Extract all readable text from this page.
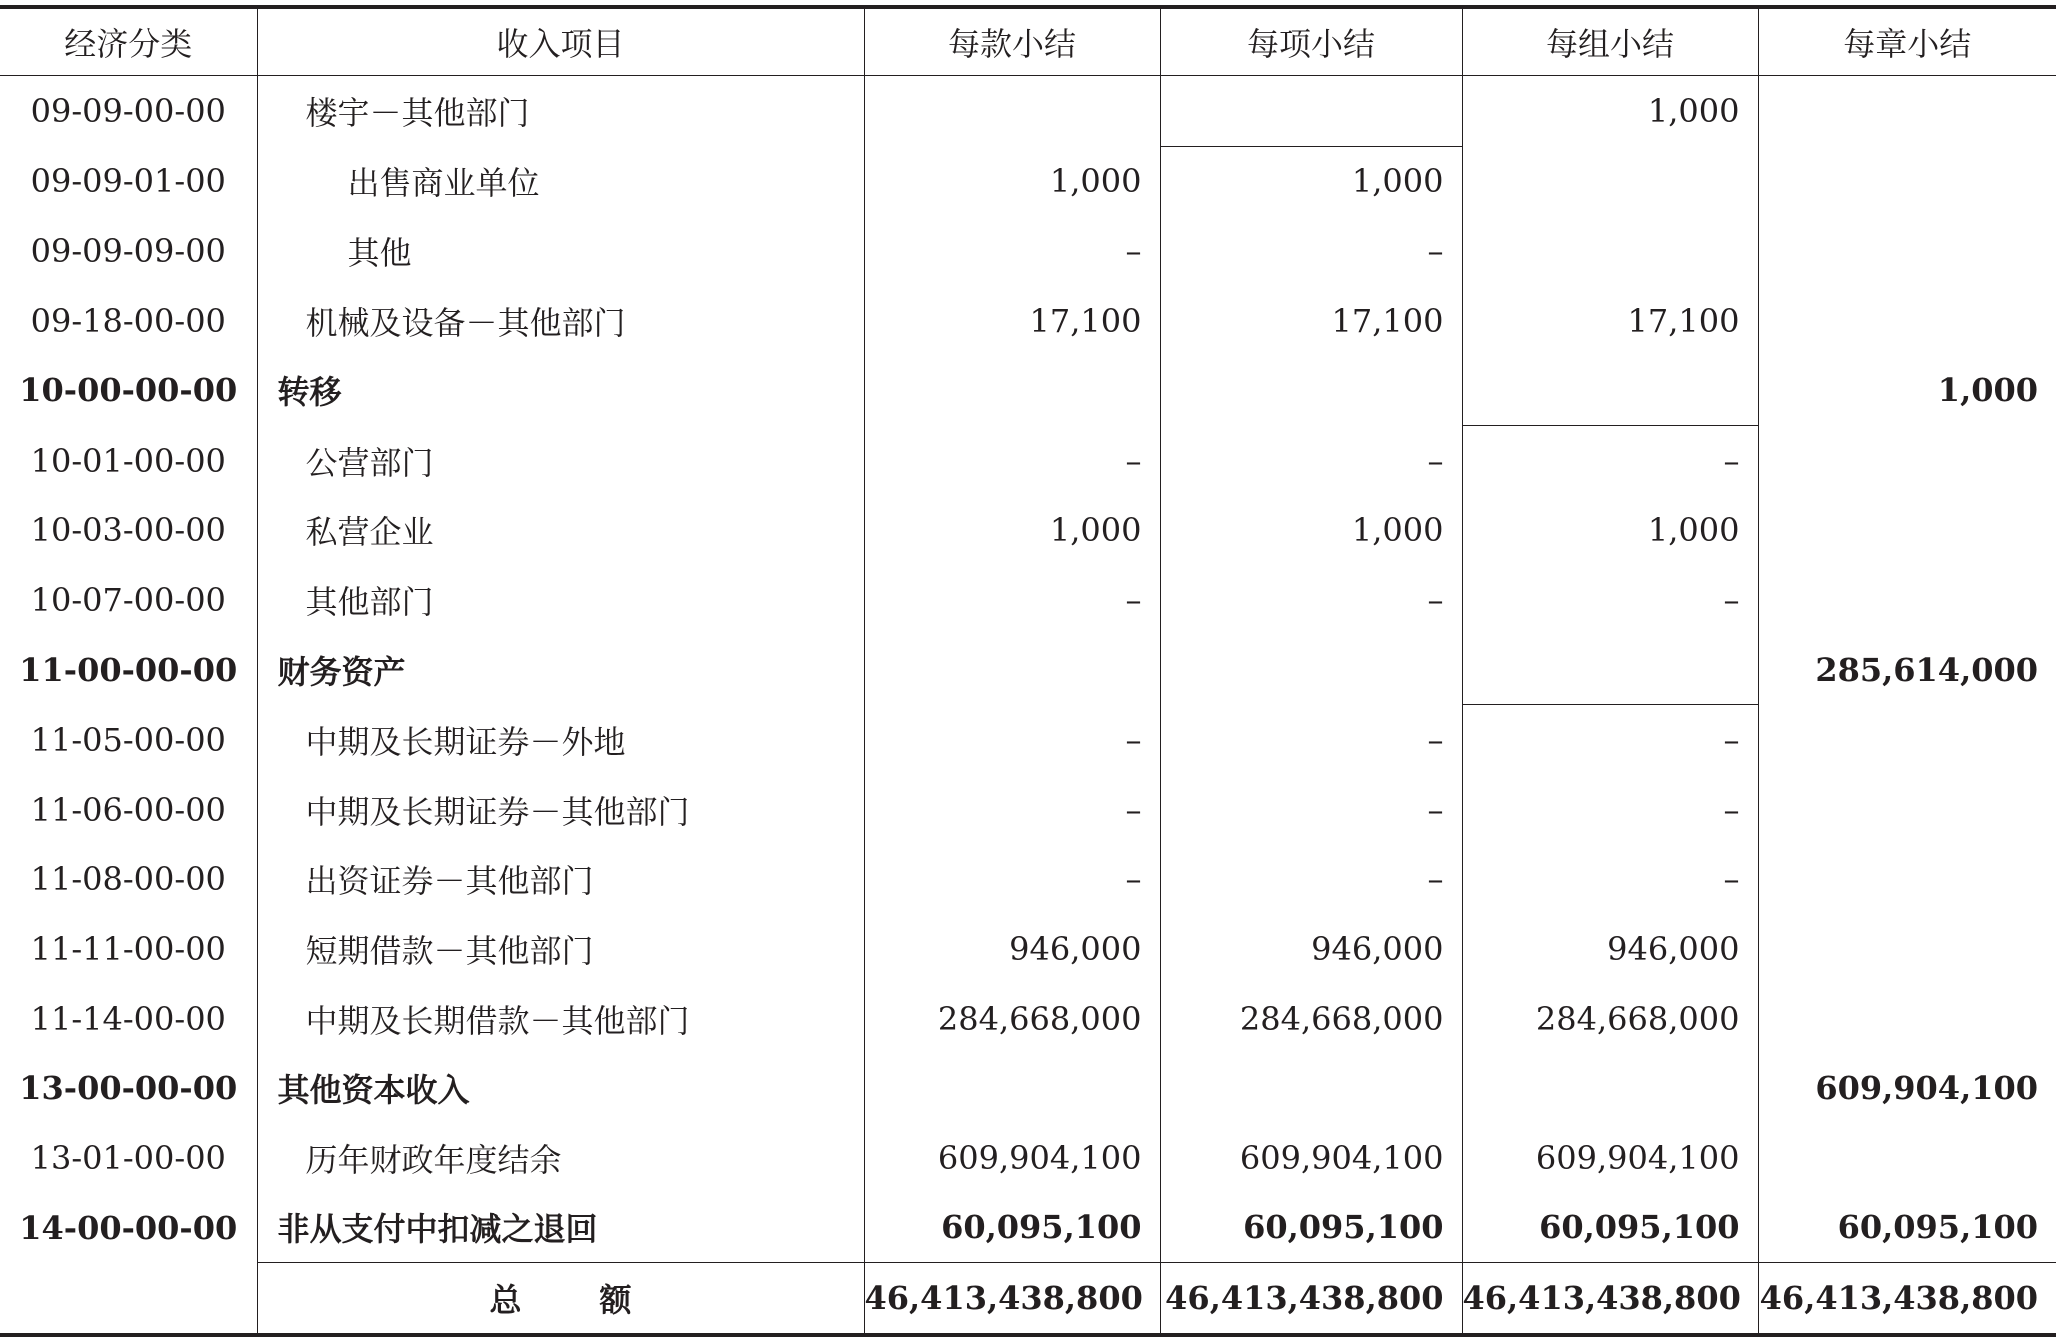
经济分类	收入项目	每款小结	每项小结	每组小结	每章小结
09-09-00-00	楼宇－其他部门			1,000	
09-09-01-00	出售商业单位	1,000	1,000		
09-09-09-00	其他	–	–		
09-18-00-00	机械及设备－其他部门	17,100	17,100	17,100	
10-00-00-00	转移				1,000
10-01-00-00	公营部门	–	–	–	
10-03-00-00	私营企业	1,000	1,000	1,000	
10-07-00-00	其他部门	–	–	–	
11-00-00-00	财务资产				285,614,000
11-05-00-00	中期及长期证券－外地	–	–	–	
11-06-00-00	中期及长期证券－其他部门	–	–	–	
11-08-00-00	出资证券－其他部门	–	–	–	
11-11-00-00	短期借款－其他部门	946,000	946,000	946,000	
11-14-00-00	中期及长期借款－其他部门	284,668,000	284,668,000	284,668,000	
13-00-00-00	其他资本收入				609,904,100
13-01-00-00	历年财政年度结余	609,904,100	609,904,100	609,904,100	
14-00-00-00	非从支付中扣减之退回	60,095,100	60,095,100	60,095,100	60,095,100
	总 额	46,413,438,800	46,413,438,800	46,413,438,800	46,413,438,800
